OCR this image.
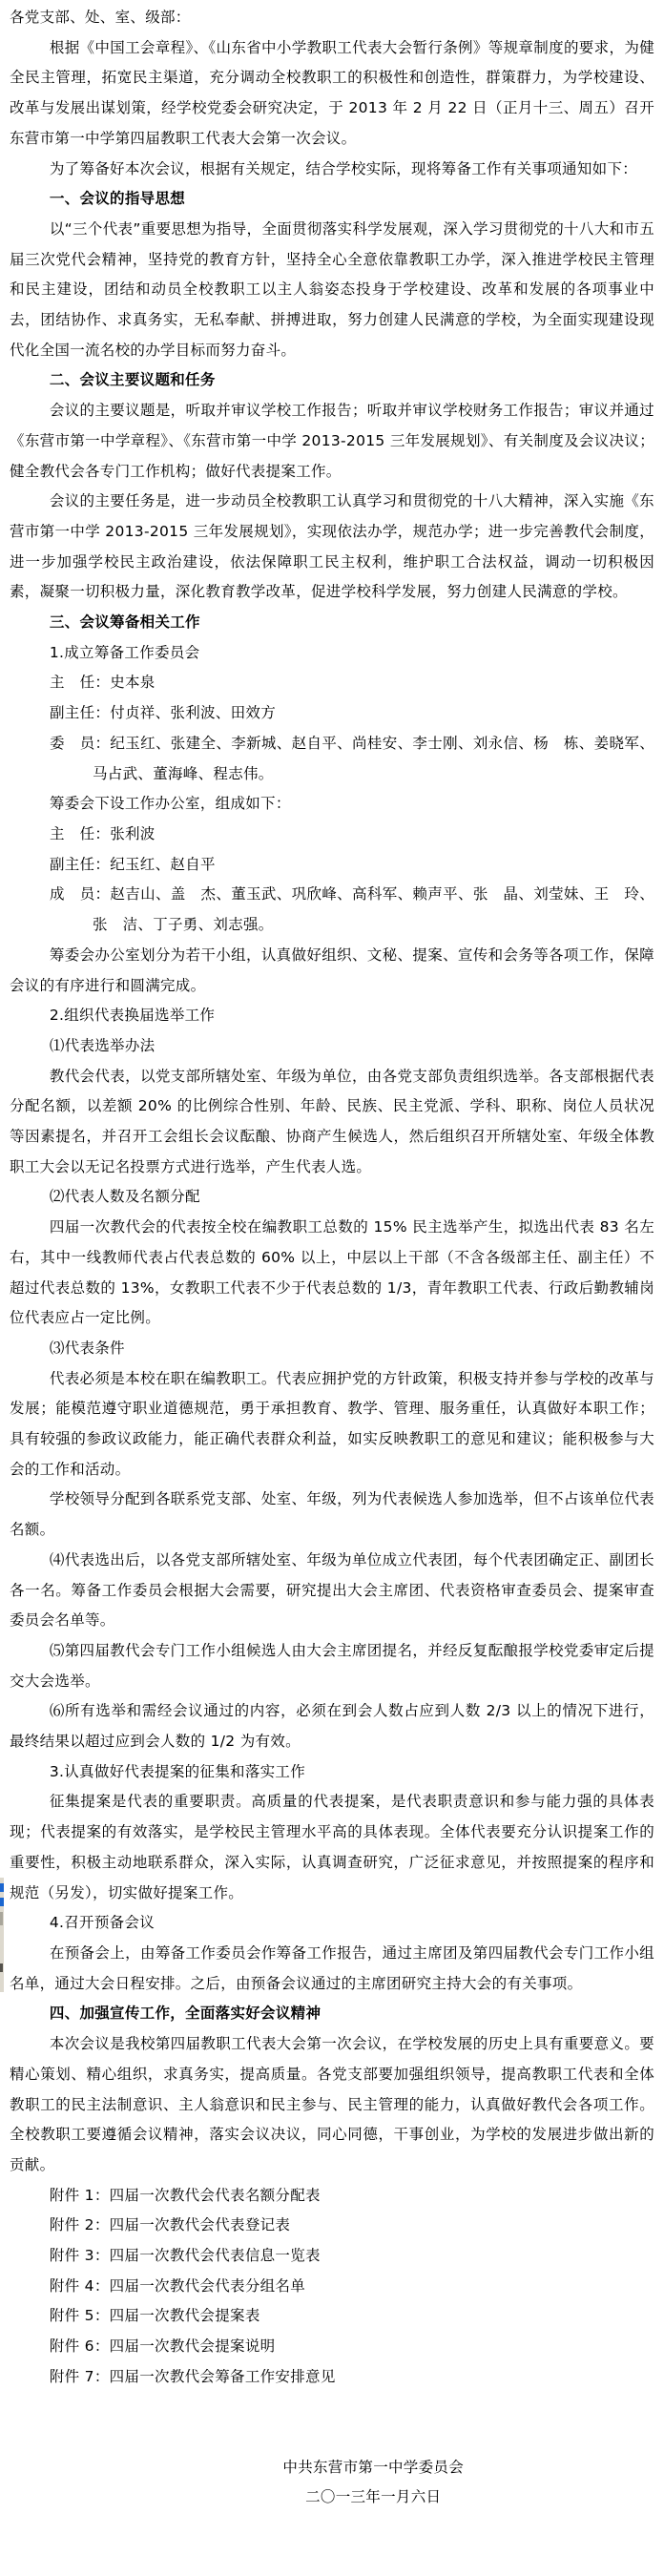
各党支部、处、室、级部：

根据《中国工会章程》、《山东省中小学教职工代表大会暂行条例》等规章制度的要求，为健全民主管理，拓宽民主渠道，充分调动全校教职工的积极性和创造性，群策群力，为学校建设、改革与发展出谋划策，经学校党委会研究决定，于 2013 年 2 月 22 日（正月十三、周五）召开东营市第一中学第四届教职工代表大会第一次会议。

为了筹备好本次会议，根据有关规定，结合学校实际，现将筹备工作有关事项通知如下：

一、会议的指导思想

以“三个代表”重要思想为指导，全面贯彻落实科学发展观，深入学习贯彻党的十八大和市五届三次党代会精神，坚持党的教育方针，坚持全心全意依靠教职工办学，深入推进学校民主管理和民主建设，团结和动员全校教职工以主人翁姿态投身于学校建设、改革和发展的各项事业中去，团结协作、求真务实，无私奉献、拼搏进取，努力创建人民满意的学校，为全面实现建设现代化全国一流名校的办学目标而努力奋斗。

二、会议主要议题和任务

会议的主要议题是，听取并审议学校工作报告；听取并审议学校财务工作报告；审议并通过《东营市第一中学章程》、《东营市第一中学 2013-2015 三年发展规划》、有关制度及会议决议；健全教代会各专门工作机构；做好代表提案工作。

会议的主要任务是，进一步动员全校教职工认真学习和贯彻党的十八大精神，深入实施《东营市第一中学 2013-2015 三年发展规划》，实现依法办学，规范办学；进一步完善教代会制度，进一步加强学校民主政治建设，依法保障职工民主权利，维护职工合法权益，调动一切积极因素，凝聚一切积极力量，深化教育教学改革，促进学校科学发展，努力创建人民满意的学校。

三、会议筹备相关工作

1.成立筹备工作委员会

主　任：史本泉

副主任：付贞祥、张利波、田效方

委　员：纪玉红、张建全、李新城、赵自平、尚桂安、李士刚、刘永信、杨　栋、姜晓军、马占武、董海峰、程志伟。

筹委会下设工作办公室，组成如下：

主　任：张利波

副主任：纪玉红、赵自平

成　员：赵吉山、盖　杰、董玉武、巩欣峰、高科军、赖声平、张　晶、刘莹妹、王　玲、张　洁、丁子勇、刘志强。

筹委会办公室划分为若干小组，认真做好组织、文秘、提案、宣传和会务等各项工作，保障会议的有序进行和圆满完成。

2.组织代表换届选举工作

⑴代表选举办法

教代会代表，以党支部所辖处室、年级为单位，由各党支部负责组织选举。各支部根据代表分配名额，以差额 20% 的比例综合性别、年龄、民族、民主党派、学科、职称、岗位人员状况等因素提名，并召开工会组长会议酝酿、协商产生候选人，然后组织召开所辖处室、年级全体教职工大会以无记名投票方式进行选举，产生代表人选。

⑵代表人数及名额分配

四届一次教代会的代表按全校在编教职工总数的 15% 民主选举产生，拟选出代表 83 名左右，其中一线教师代表占代表总数的 60% 以上，中层以上干部（不含各级部主任、副主任）不超过代表总数的 13%，女教职工代表不少于代表总数的 1/3，青年教职工代表、行政后勤教辅岗位代表应占一定比例。

⑶代表条件

代表必须是本校在职在编教职工。代表应拥护党的方针政策，积极支持并参与学校的改革与发展；能模范遵守职业道德规范，勇于承担教育、教学、管理、服务重任，认真做好本职工作；具有较强的参政议政能力，能正确代表群众利益，如实反映教职工的意见和建议；能积极参与大会的工作和活动。

学校领导分配到各联系党支部、处室、年级，列为代表候选人参加选举，但不占该单位代表名额。

⑷代表选出后，以各党支部所辖处室、年级为单位成立代表团，每个代表团确定正、副团长各一名。筹备工作委员会根据大会需要，研究提出大会主席团、代表资格审查委员会、提案审查委员会名单等。

⑸第四届教代会专门工作小组候选人由大会主席团提名，并经反复酝酿报学校党委审定后提交大会选举。

⑹所有选举和需经会议通过的内容，必须在到会人数占应到人数 2/3 以上的情况下进行，最终结果以超过应到会人数的 1/2 为有效。

3.认真做好代表提案的征集和落实工作

征集提案是代表的重要职责。高质量的代表提案，是代表职责意识和参与能力强的具体表现；代表提案的有效落实，是学校民主管理水平高的具体表现。全体代表要充分认识提案工作的重要性，积极主动地联系群众，深入实际，认真调查研究，广泛征求意见，并按照提案的程序和规范（另发），切实做好提案工作。

4.召开预备会议

在预备会上，由筹备工作委员会作筹备工作报告，通过主席团及第四届教代会专门工作小组名单，通过大会日程安排。之后，由预备会议通过的主席团研究主持大会的有关事项。

四、加强宣传工作，全面落实好会议精神

本次会议是我校第四届教职工代表大会第一次会议，在学校发展的历史上具有重要意义。要精心策划、精心组织，求真务实，提高质量。各党支部要加强组织领导，提高教职工代表和全体教职工的民主法制意识、主人翁意识和民主参与、民主管理的能力，认真做好教代会各项工作。全校教职工要遵循会议精神，落实会议决议，同心同德，干事创业，为学校的发展进步做出新的贡献。

附件 1：四届一次教代会代表名额分配表

附件 2：四届一次教代会代表登记表

附件 3：四届一次教代会代表信息一览表

附件 4：四届一次教代会代表分组名单

附件 5：四届一次教代会提案表

附件 6：四届一次教代会提案说明

附件 7：四届一次教代会筹备工作安排意见

中共东营市第一中学委员会

二〇一三年一月六日
